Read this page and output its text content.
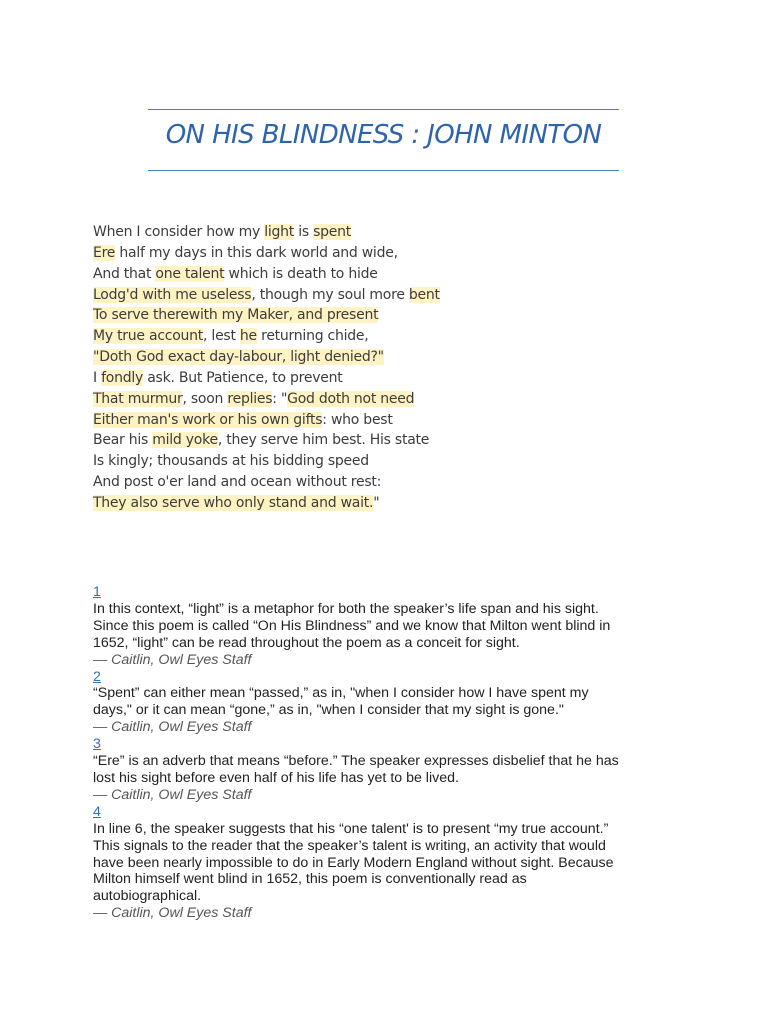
ON HIS BLINDNESS : JOHN MINTON
When I consider how my light is spent
Ere half my days in this dark world and wide,
And that one talent which is death to hide
Lodg'd with me useless, though my soul more bent
To serve therewith my Maker, and present
My true account, lest he returning chide,
"Doth God exact day-labour, light denied?"
I fondly ask. But Patience, to prevent
That murmur, soon replies: "God doth not need
Either man's work or his own gifts: who best
Bear his mild yoke, they serve him best. His state
Is kingly; thousands at his bidding speed
And post o'er land and ocean without rest:
They also serve who only stand and wait."
1
In this context, “light” is a metaphor for both the speaker’s life span and his sight.
Since this poem is called “On His Blindness” and we know that Milton went blind in
1652, “light” can be read throughout the poem as a conceit for sight.
— Caitlin, Owl Eyes Staff
2
“Spent” can either mean “passed,” as in, "when I consider how I have spent my
days," or it can mean “gone,” as in, "when I consider that my sight is gone."
— Caitlin, Owl Eyes Staff
3
“Ere” is an adverb that means “before.” The speaker expresses disbelief that he has
lost his sight before even half of his life has yet to be lived.
— Caitlin, Owl Eyes Staff
4
In line 6, the speaker suggests that his “one talent' is to present “my true account.”
This signals to the reader that the speaker’s talent is writing, an activity that would
have been nearly impossible to do in Early Modern England without sight. Because
Milton himself went blind in 1652, this poem is conventionally read as
autobiographical.
— Caitlin, Owl Eyes Staff
